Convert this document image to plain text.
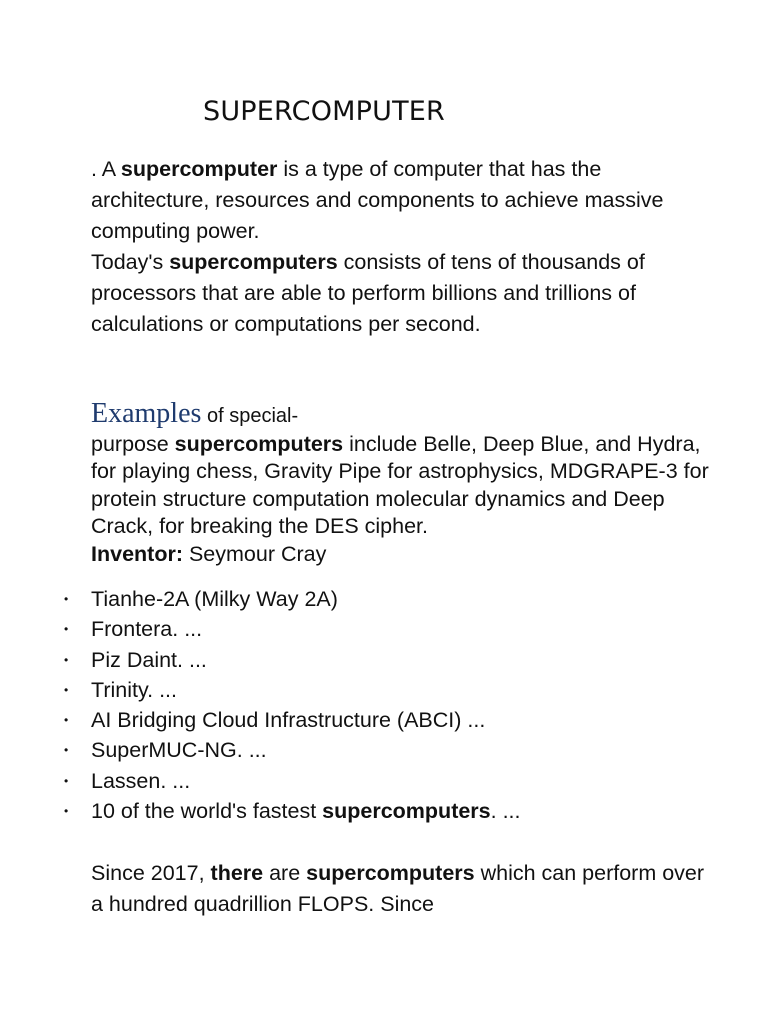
SUPERCOMPUTER

. A supercomputer is a type of computer that has the architecture, resources and components to achieve massive computing power.

Today's supercomputers consists of tens of thousands of processors that are able to perform billions and trillions of calculations or computations per second.

Examples of special-
purpose supercomputers include Belle, Deep Blue, and Hydra, for playing chess, Gravity Pipe for astrophysics, MDGRAPE-3 for protein structure computation molecular dynamics and Deep Crack, for breaking the DES cipher.
Inventor: Seymour Cray
• Tianhe-2A (Milky Way 2A)
• Frontera. ...
• Piz Daint. ...
• Trinity. ...
• AI Bridging Cloud Infrastructure (ABCI) ...
• SuperMUC-NG. ...
• Lassen. ...
• 10 of the world's fastest supercomputers. ...

Since 2017, there are supercomputers which can perform over a hundred quadrillion FLOPS. Since
